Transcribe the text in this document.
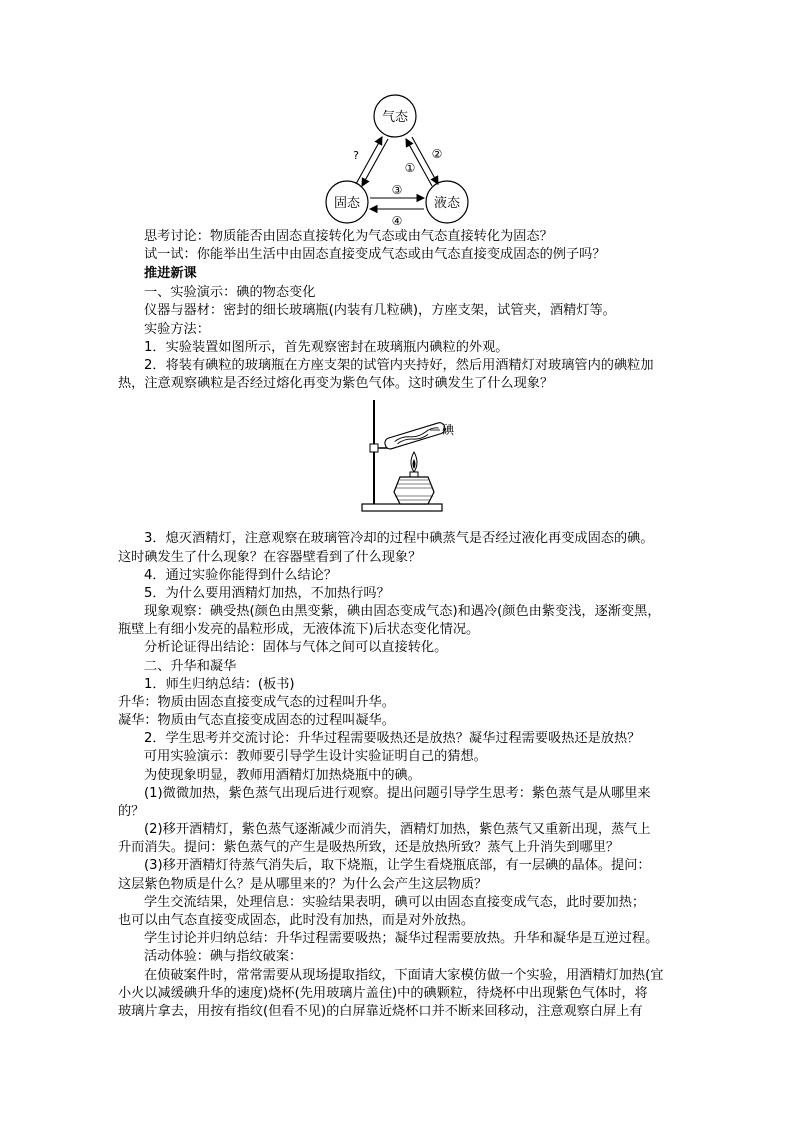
气态
固态	液态
?
①
②
③
④
思考讨论：物质能否由固态直接转化为气态或由气态直接转化为固态？
试一试：你能举出生活中由固态直接变成气态或由气态直接变成固态的例子吗？
推进新课
一、实验演示：碘的物态变化
仪器与器材：密封的细长玻璃瓶(内装有几粒碘)，方座支架，试管夹，酒精灯等。
实验方法：
1．实验装置如图所示，首先观察密封在玻璃瓶内碘粒的外观。
2．将装有碘粒的玻璃瓶在方座支架的试管内夹持好，然后用酒精灯对玻璃管内的碘粒加
热，注意观察碘粒是否经过熔化再变为紫色气体。这时碘发生了什么现象？
碘
3．熄灭酒精灯，注意观察在玻璃管冷却的过程中碘蒸气是否经过液化再变成固态的碘。
这时碘发生了什么现象？在容器壁看到了什么现象？
4．通过实验你能得到什么结论？
5．为什么要用酒精灯加热，不加热行吗？
现象观察：碘受热(颜色由黑变紫，碘由固态变成气态)和遇冷(颜色由紫变浅，逐渐变黑，
瓶壁上有细小发亮的晶粒形成，无液体流下)后状态变化情况。
分析论证得出结论：固体与气体之间可以直接转化。
二、升华和凝华
1．师生归纳总结：(板书)
升华：物质由固态直接变成气态的过程叫升华。
凝华：物质由气态直接变成固态的过程叫凝华。
2．学生思考并交流讨论：升华过程需要吸热还是放热？凝华过程需要吸热还是放热？
可用实验演示：教师要引导学生设计实验证明自己的猜想。
为使现象明显，教师用酒精灯加热烧瓶中的碘。
(1)微微加热，紫色蒸气出现后进行观察。提出问题引导学生思考：紫色蒸气是从哪里来
的？
(2)移开酒精灯，紫色蒸气逐渐减少而消失，酒精灯加热，紫色蒸气又重新出现，蒸气上
升而消失。提问：紫色蒸气的产生是吸热所致，还是放热所致？蒸气上升消失到哪里？
(3)移开酒精灯待蒸气消失后，取下烧瓶，让学生看烧瓶底部，有一层碘的晶体。提问：
这层紫色物质是什么？是从哪里来的？为什么会产生这层物质？
学生交流结果，处理信息：实验结果表明，碘可以由固态直接变成气态，此时要加热；
也可以由气态直接变成固态，此时没有加热，而是对外放热。
学生讨论并归纳总结：升华过程需要吸热；凝华过程需要放热。升华和凝华是互逆过程。
活动体验：碘与指纹破案：
在侦破案件时，常常需要从现场提取指纹，下面请大家模仿做一个实验，用酒精灯加热(宜
小火以减缓碘升华的速度)烧杯(先用玻璃片盖住)中的碘颗粒，待烧杯中出现紫色气体时，将
玻璃片拿去，用按有指纹(但看不见)的白屏靠近烧杯口并不断来回移动，注意观察白屏上有
